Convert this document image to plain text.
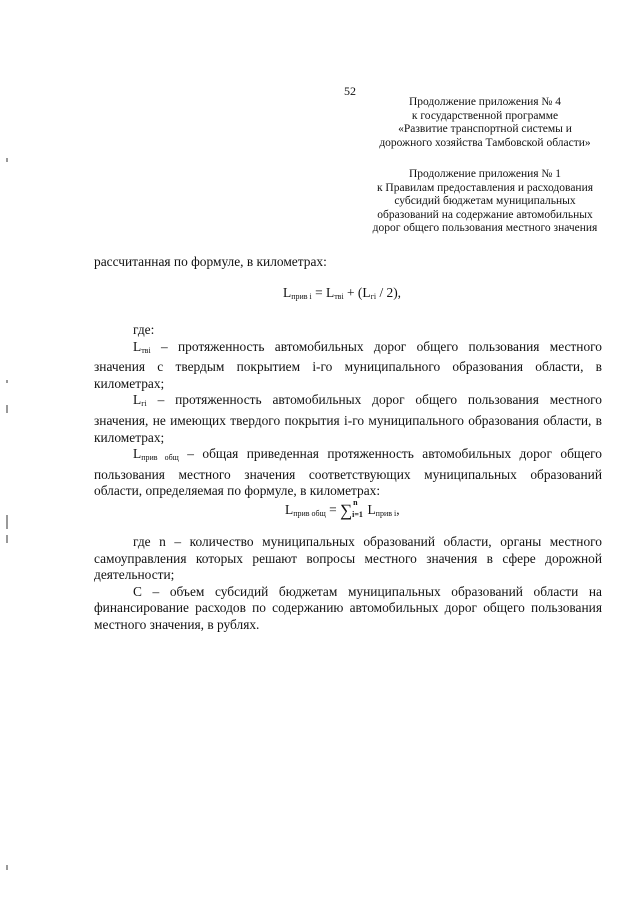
52
Продолжение приложения № 4
к государственной программе
«Развитие транспортной системы и
дорожного хозяйства Тамбовской области»
Продолжение приложения № 1
к Правилам предоставления и расходования
субсидий бюджетам муниципальных
образований на содержание автомобильных
дорог общего пользования местного значения

рассчитанная по формуле, в километрах:

$L_{прив i} = L_{твi} + (L_{гi} / 2)$,

где:

$L_{твi}$ – протяженность автомобильных дорог общего пользования местного значения с твердым покрытием i-го муниципального образования области, в километрах;

$L_{гi}$ – протяженность автомобильных дорог общего пользования местного значения, не имеющих твердого покрытия i-го муниципального образования области, в километрах;

$L_{прив общ}$ – общая приведенная протяженность автомобильных дорог общего пользования местного значения соответствующих муниципальных образований области, определяемая по формуле, в километрах:

$L_{прив общ}$ = ∑ n
i=1 $L_{прив i}$,

где n – количество муниципальных образований области, органы местного самоуправления которых решают вопросы местного значения в сфере дорожной деятельности;

С – объем субсидий бюджетам муниципальных образований области на финансирование расходов по содержанию автомобильных дорог общего пользования местного значения, в рублях.
